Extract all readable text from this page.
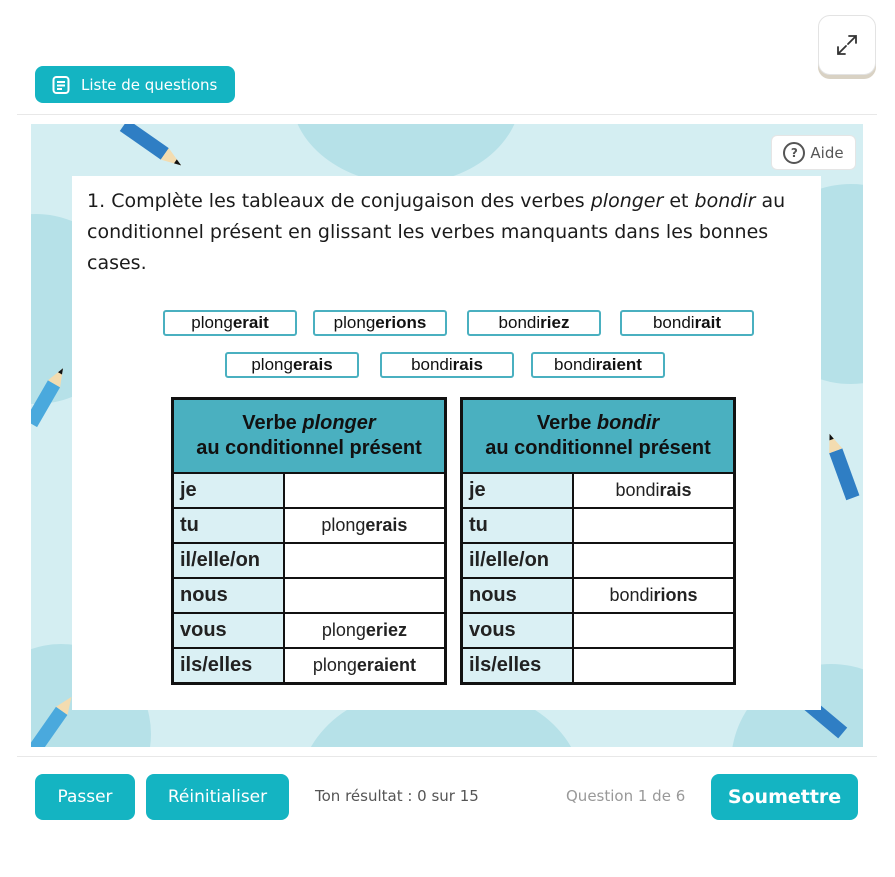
Liste de questions
? Aide
1. Complète les tableaux de conjugaison des verbes plonger et bondir au conditionnel présent en glissant les verbes manquants dans les bonnes cases.
plong erait	plong erions	bondi riez	bondi rait
plong erais	bondi rais	bondi raient
Verbe plonger
au conditionnel présent	
je	
tu	plongerais
il/elle/on	
nous	
vous	plongeriez
ils/elles	plongeraient
Verbe bondir
au conditionnel présent	
je	bondirais
tu	
il/elle/on	
nous	bondirions
vous	
ils/elles	
Passer	Réinitialiser	Ton résultat : 0 sur 15	Question 1 de 6	Soumettre
